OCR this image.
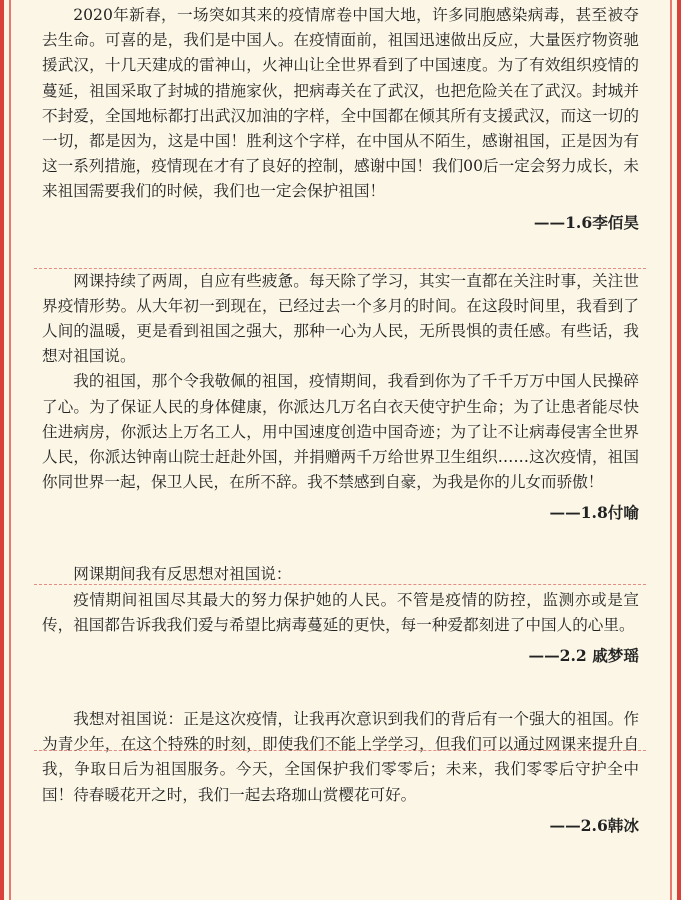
2020年新春，一场突如其来的疫情席卷中国大地，许多同胞感染病毒，甚至被夺去生命。可喜的是，我们是中国人。在疫情面前，祖国迅速做出反应，大量医疗物资驰援武汉，十几天建成的雷神山，火神山让全世界看到了中国速度。为了有效组织疫情的蔓延，祖国采取了封城的措施家伙，把病毒关在了武汉，也把危险关在了武汉。封城并不封爱，全国地标都打出武汉加油的字样，全中国都在倾其所有支援武汉，而这一切的一切，都是因为，这是中国！胜利这个字样，在中国从不陌生，感谢祖国，正是因为有这一系列措施，疫情现在才有了良好的控制，感谢中国！我们00后一定会努力成长，未来祖国需要我们的时候，我们也一定会保护祖国！

——1.6李佰昊

网课持续了两周，自应有些疲惫。每天除了学习，其实一直都在关注时事，关注世界疫情形势。从大年初一到现在，已经过去一个多月的时间。在这段时间里，我看到了人间的温暖，更是看到祖国之强大，那种一心为人民，无所畏惧的责任感。有些话，我想对祖国说。

我的祖国，那个令我敬佩的祖国，疫情期间，我看到你为了千千万万中国人民操碎了心。为了保证人民的身体健康，你派达几万名白衣天使守护生命；为了让患者能尽快住进病房，你派达上万名工人，用中国速度创造中国奇迹；为了让不让病毒侵害全世界人民，你派达钟南山院士赶赴外国，并捐赠两千万给世界卫生组织……这次疫情，祖国你同世界一起，保卫人民，在所不辞。我不禁感到自豪，为我是你的儿女而骄傲！

——1.8付喻

网课期间我有反思想对祖国说：

疫情期间祖国尽其最大的努力保护她的人民。不管是疫情的防控，监测亦或是宣传，祖国都告诉我我们爱与希望比病毒蔓延的更快，每一种爱都刻进了中国人的心里。

——2.2 戚梦瑶

我想对祖国说：正是这次疫情，让我再次意识到我们的背后有一个强大的祖国。作为青少年，在这个特殊的时刻，即使我们不能上学学习，但我们可以通过网课来提升自我，争取日后为祖国服务。今天，全国保护我们零零后；未来，我们零零后守护全中国！待春暖花开之时，我们一起去珞珈山赏樱花可好。

——2.6韩冰
